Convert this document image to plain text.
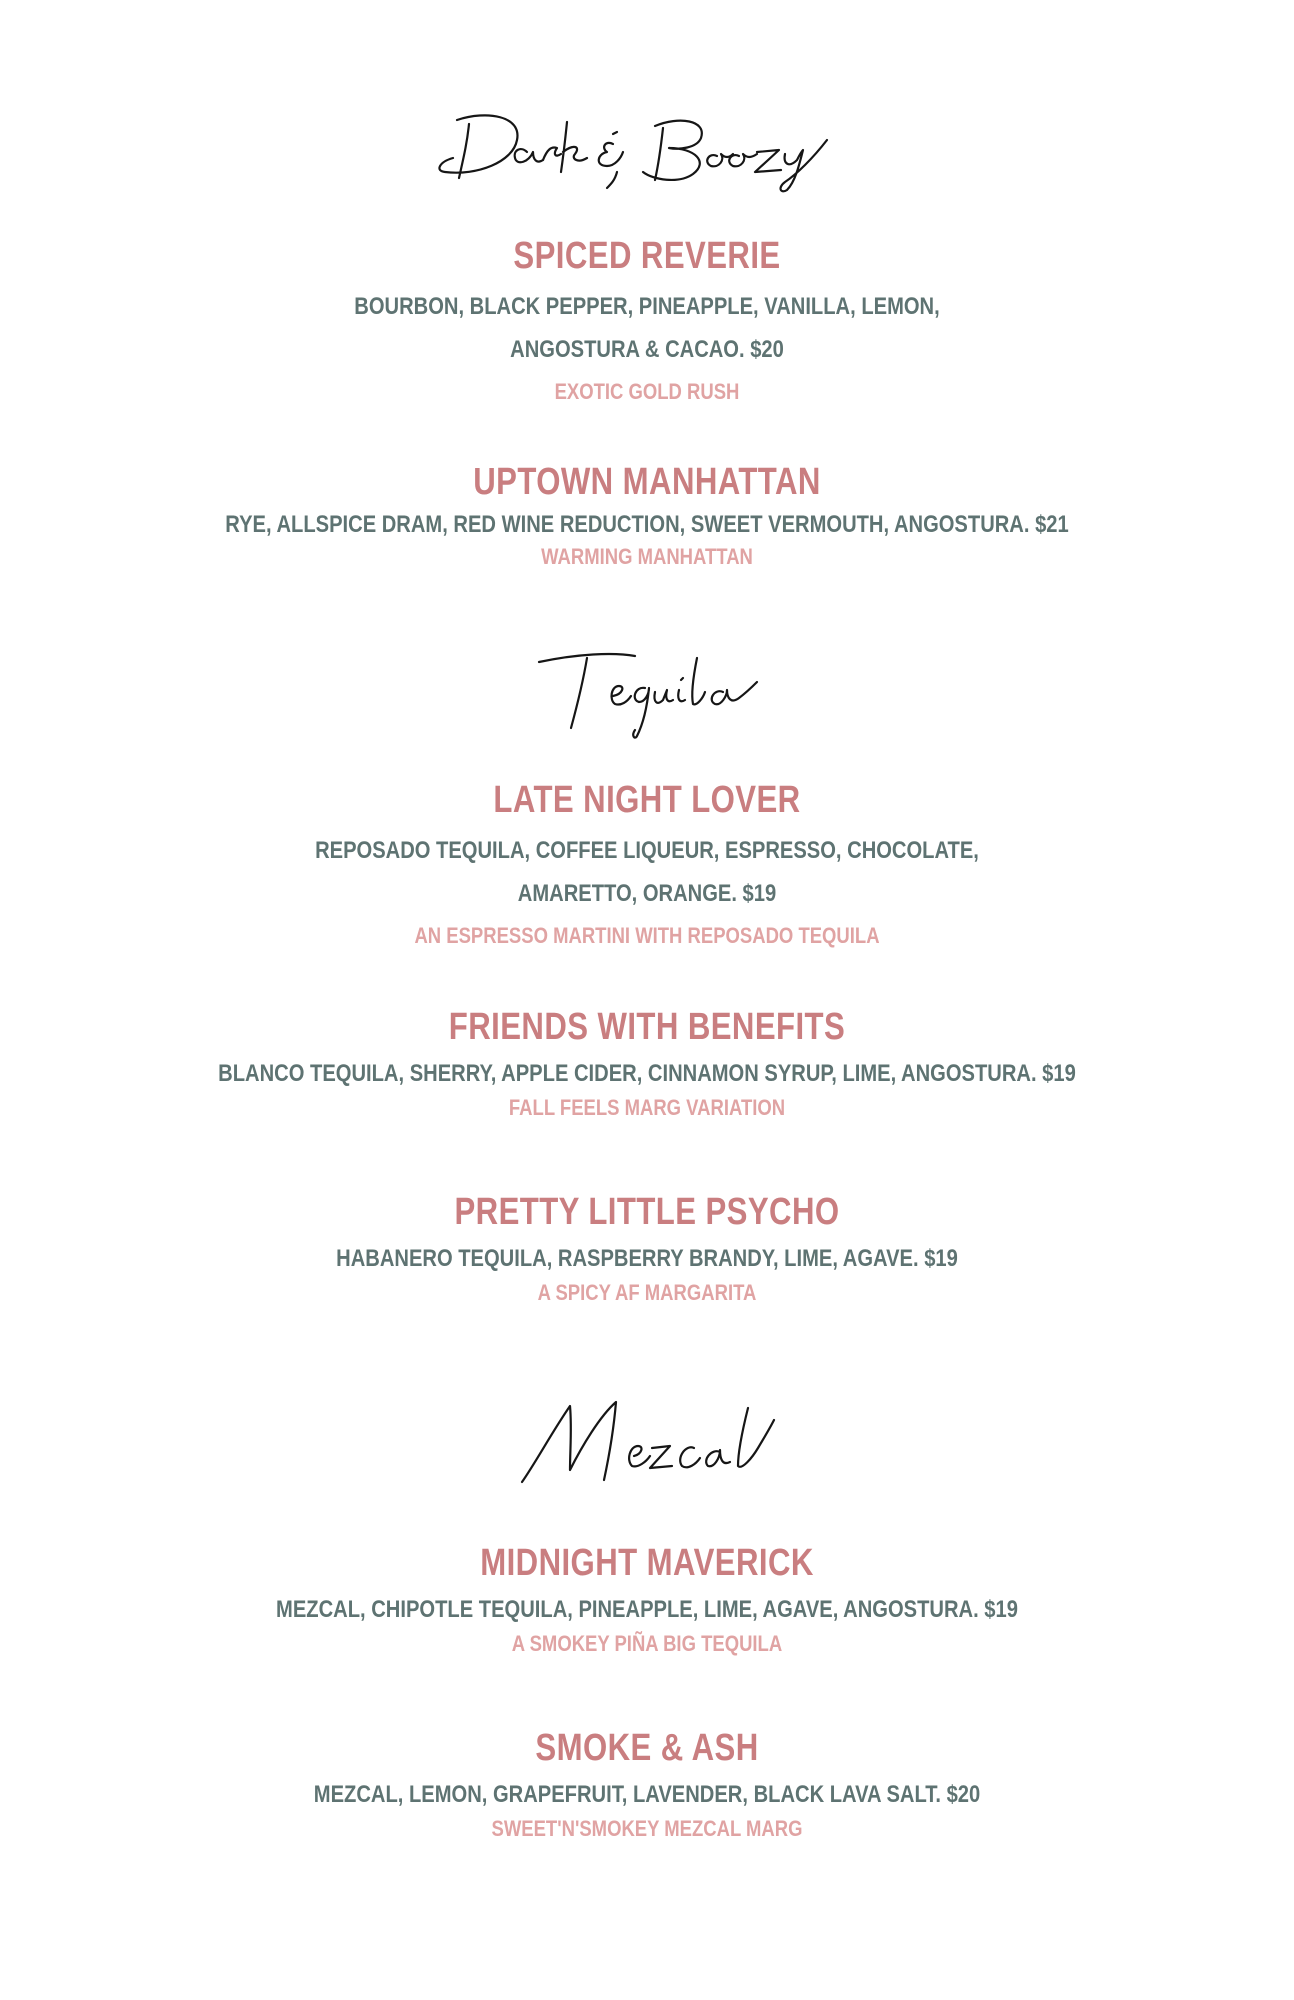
SPICED REVERIE
BOURBON, BLACK PEPPER, PINEAPPLE, VANILLA, LEMON,
ANGOSTURA & CACAO. $20
EXOTIC GOLD RUSH
UPTOWN MANHATTAN
RYE, ALLSPICE DRAM, RED WINE REDUCTION, SWEET VERMOUTH, ANGOSTURA. $21
WARMING MANHATTAN
LATE NIGHT LOVER
REPOSADO TEQUILA, COFFEE LIQUEUR, ESPRESSO, CHOCOLATE,
AMARETTO, ORANGE. $19
AN ESPRESSO MARTINI WITH REPOSADO TEQUILA
FRIENDS WITH BENEFITS
BLANCO TEQUILA, SHERRY, APPLE CIDER, CINNAMON SYRUP, LIME, ANGOSTURA. $19
FALL FEELS MARG VARIATION
PRETTY LITTLE PSYCHO
HABANERO TEQUILA, RASPBERRY BRANDY, LIME, AGAVE. $19
A SPICY AF MARGARITA
MIDNIGHT MAVERICK
MEZCAL, CHIPOTLE TEQUILA, PINEAPPLE, LIME, AGAVE, ANGOSTURA. $19
A SMOKEY PIÑA BIG TEQUILA
SMOKE & ASH
MEZCAL, LEMON, GRAPEFRUIT, LAVENDER, BLACK LAVA SALT. $20
SWEET'N'SMOKEY MEZCAL MARG
